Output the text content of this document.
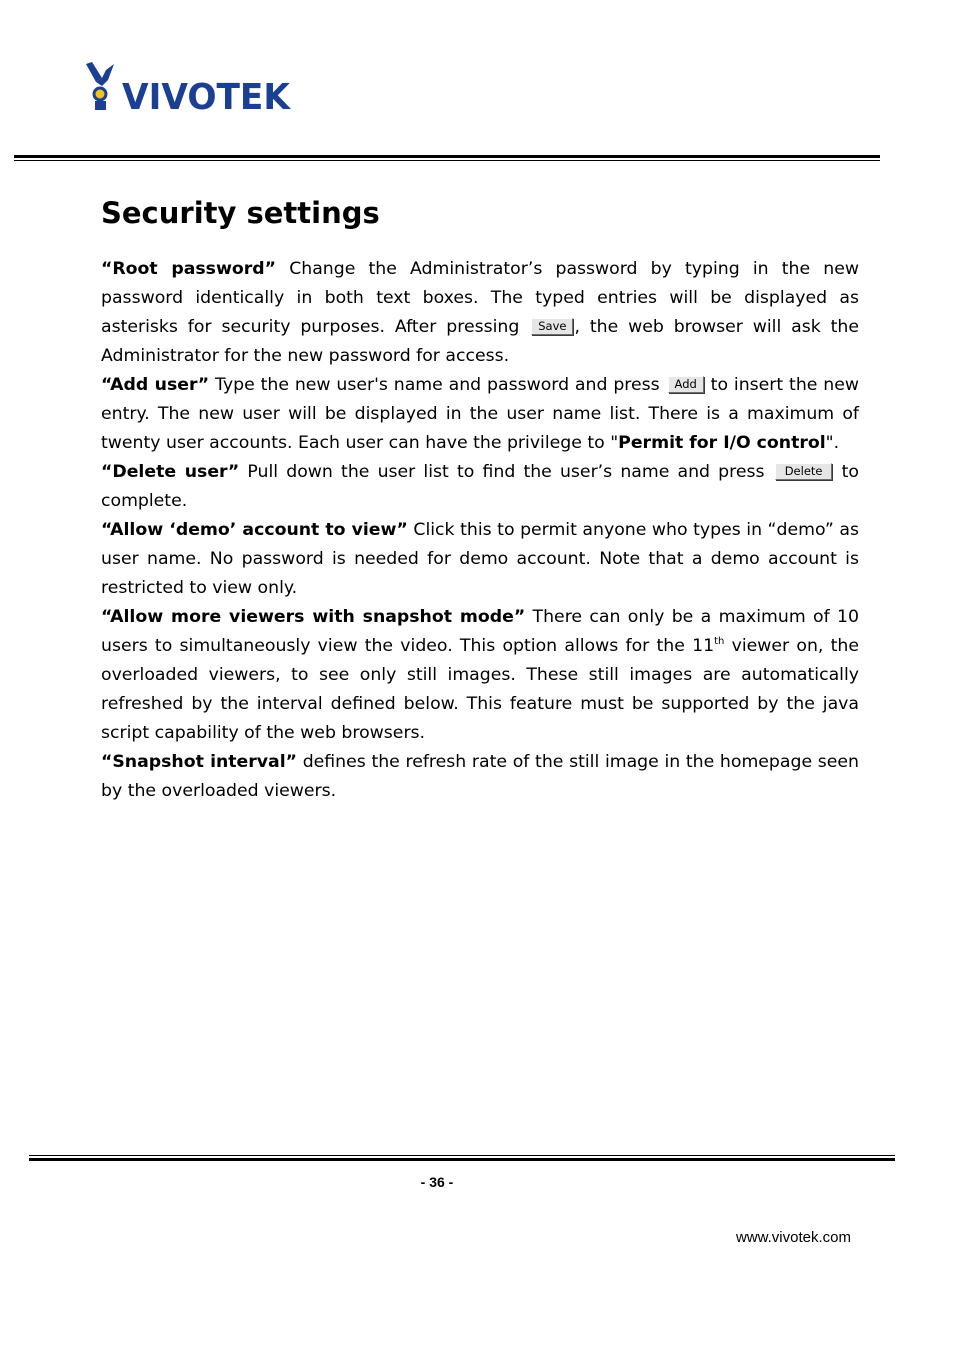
VIVOTEK
Security settings

“Root password” Change the Administrator’s password by typing in the new password identically in both text boxes. The typed entries will be displayed as asterisks for security purposes. After pressing Save , the web browser will ask the Administrator for the new password for access.

“Add user” Type the new user's name and password and press Add to insert the new entry. The new user will be displayed in the user name list. There is a maximum of twenty user accounts. Each user can have the privilege to "Permit for I/O control".

“Delete user” Pull down the user list to find the user’s name and press Delete to complete.

“Allow ‘demo’ account to view” Click this to permit anyone who types in “demo” as user name. No password is needed for demo account. Note that a demo account is restricted to view only.

“Allow more viewers with snapshot mode” There can only be a maximum of 10 users to simultaneously view the video. This option allows for the 11th viewer on, the overloaded viewers, to see only still images. These still images are automatically refreshed by the interval defined below. This feature must be supported by the java script capability of the web browsers.

“Snapshot interval” defines the refresh rate of the still image in the homepage seen by the overloaded viewers.

- 36 -
www.vivotek.com
